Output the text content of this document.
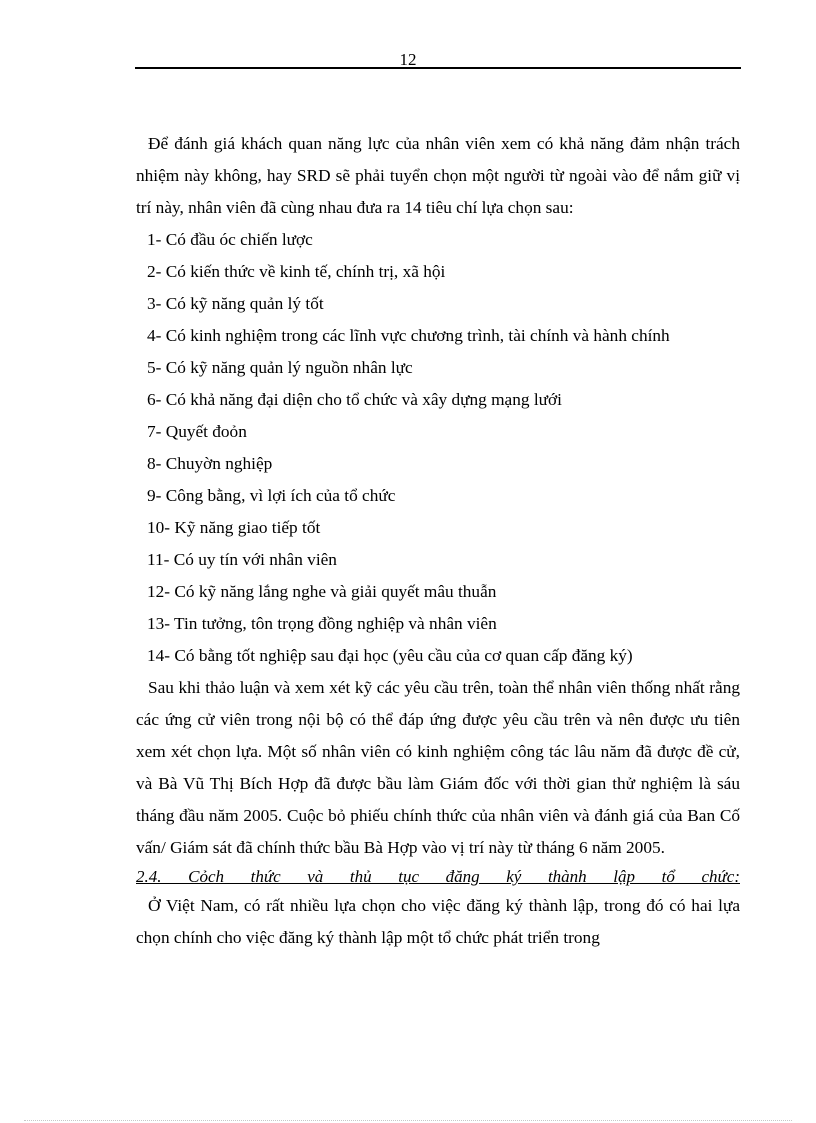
12

Để đánh giá khách quan năng lực của nhân viên xem có khả năng đảm nhận trách nhiệm này không, hay SRD sẽ phải tuyển chọn một người từ ngoài vào để nắm giữ vị trí này, nhân viên đã cùng nhau đưa ra 14 tiêu chí lựa chọn sau:

1- Có đầu óc chiến lược
2- Có kiến thức về kinh tế, chính trị, xã hội
3- Có kỹ năng quản lý tốt
4- Có kinh nghiệm trong các lĩnh vực chương trình, tài chính và hành chính
5- Có kỹ năng quản lý nguồn nhân lực
6- Có khả năng đại diện cho tổ chức và xây dựng mạng lưới
7- Quyết đoỏn
8- Chuyờn nghiệp
9- Công bằng, vì lợi ích của tổ chức
10- Kỹ năng giao tiếp tốt
11- Có uy tín với nhân viên
12- Có kỹ năng lắng nghe và giải quyết mâu thuẫn
13- Tin tưởng, tôn trọng đồng nghiệp và nhân viên
14- Có bằng tốt nghiệp sau đại học (yêu cầu của cơ quan cấp đăng ký)

Sau khi thảo luận và xem xét kỹ các yêu cầu trên, toàn thể nhân viên thống nhất rằng các ứng cử viên trong nội bộ có thể đáp ứng được yêu cầu trên và nên được ưu tiên xem xét chọn lựa. Một số nhân viên có kinh nghiệm công tác lâu năm đã được đề cử, và Bà Vũ Thị Bích Hợp đã được bầu làm Giám đốc với thời gian thử nghiệm là sáu tháng đầu năm 2005. Cuộc bỏ phiếu chính thức của nhân viên và đánh giá của Ban Cố vấn/ Giám sát đã chính thức bầu Bà Hợp vào vị trí này từ tháng 6 năm 2005.

2.4. Cỏch thức và thủ tục đăng ký thành lập tổ chức:

Ở Việt Nam, có rất nhiều lựa chọn cho việc đăng ký thành lập, trong đó có hai lựa chọn chính cho việc đăng ký thành lập một tổ chức phát triển trong
